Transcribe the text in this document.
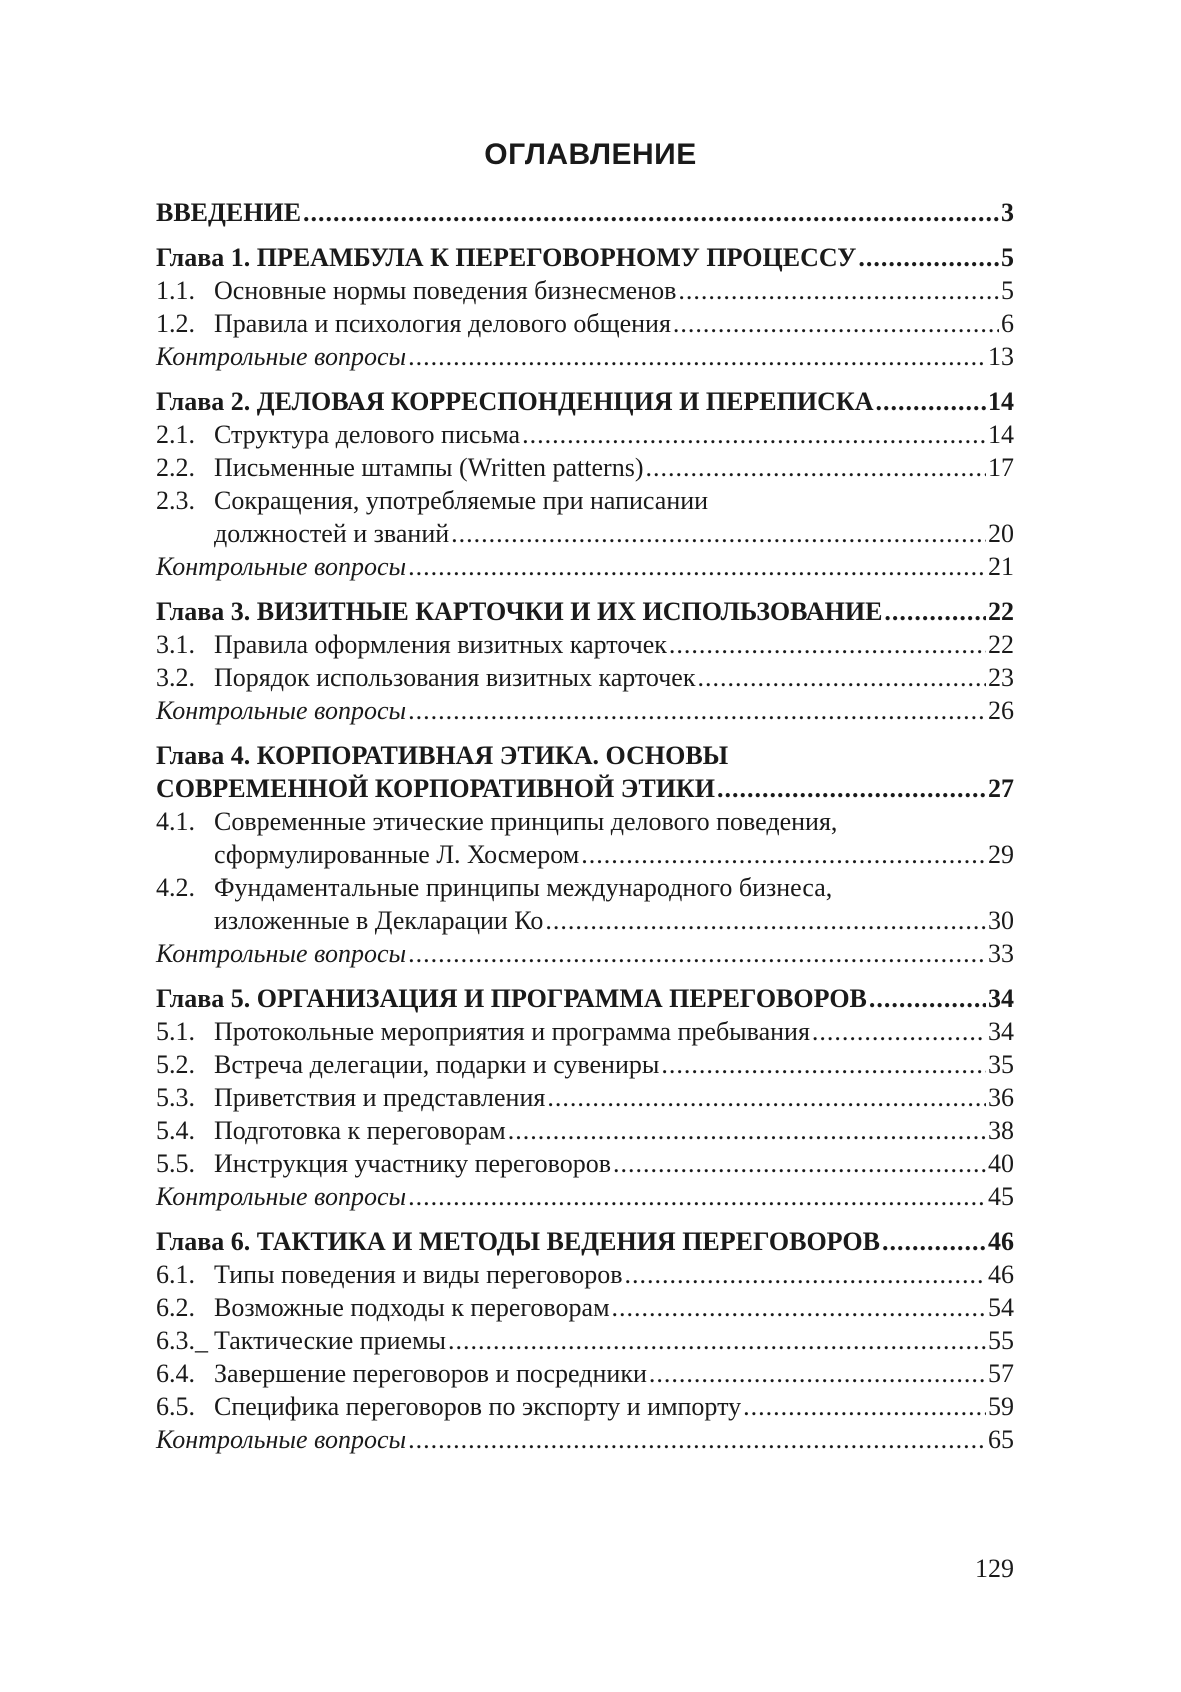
ОГЛАВЛЕНИЕ
ВВЕДЕНИЕ .....	3
Глава 1. ПРЕАМБУЛА К ПЕРЕГОВОРНОМУ ПРОЦЕССУ .....	5
1.1. Основные нормы поведения бизнесменов .....	5
1.2. Правила и психология делового общения .....	6
Контрольные вопросы .....	13
Глава 2. ДЕЛОВАЯ КОРРЕСПОНДЕНЦИЯ И ПЕРЕПИСКА .....	14
2.1. Структура делового письма .....	14
2.2. Письменные штампы (Written patterns) .....	17
2.3. Сокращения, употребляемые при написании
должностей и званий .....	20
Контрольные вопросы .....	21
Глава 3. ВИЗИТНЫЕ КАРТОЧКИ И ИХ ИСПОЛЬЗОВАНИЕ .....	22
3.1. Правила оформления визитных карточек .....	22
3.2. Порядок использования визитных карточек .....	23
Контрольные вопросы .....	26
Глава 4. КОРПОРАТИВНАЯ ЭТИКА. ОСНОВЫ
СОВРЕМЕННОЙ КОРПОРАТИВНОЙ ЭТИКИ .....	27
4.1. Современные этические принципы делового поведения,
сформулированные Л. Хосмером .....	29
4.2. Фундаментальные принципы международного бизнеса,
изложенные в Декларации Ко .....	30
Контрольные вопросы .....	33
Глава 5. ОРГАНИЗАЦИЯ И ПРОГРАММА ПЕРЕГОВОРОВ .....	34
5.1. Протокольные мероприятия и программа пребывания .....	34
5.2. Встреча делегации, подарки и сувениры .....	35
5.3. Приветствия и представления .....	36
5.4. Подготовка к переговорам .....	38
5.5. Инструкция участнику переговоров .....	40
Контрольные вопросы .....	45
Глава 6. ТАКТИКА И МЕТОДЫ ВЕДЕНИЯ ПЕРЕГОВОРОВ .....	46
6.1. Типы поведения и виды переговоров .....	46
6.2. Возможные подходы к переговорам .....	54
6.3._ Тактические приемы .....	55
6.4. Завершение переговоров и посредники .....	57
6.5. Специфика переговоров по экспорту и импорту .....	59
Контрольные вопросы .....	65
129
